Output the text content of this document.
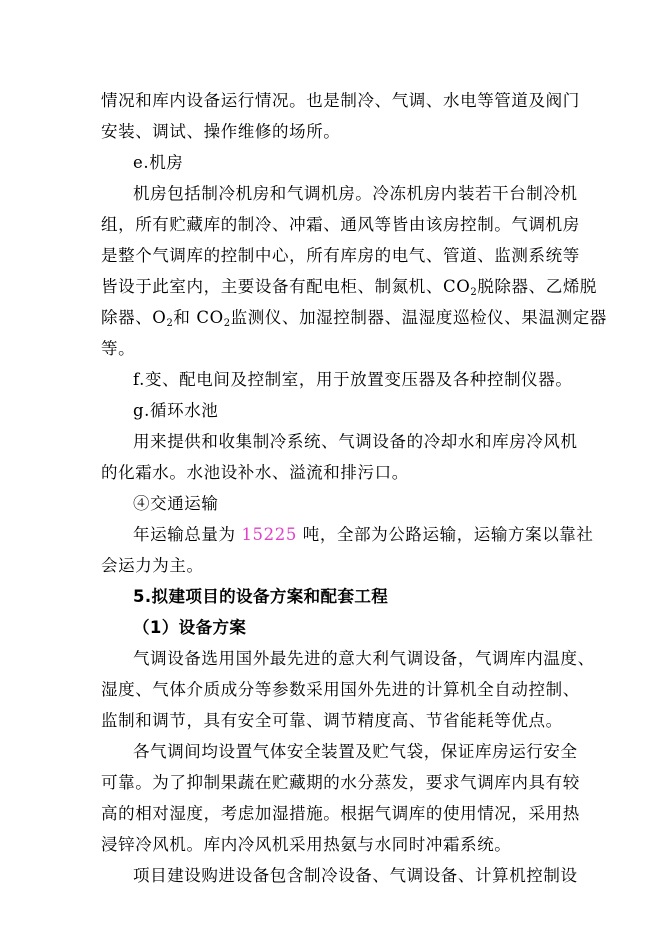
情况和库内设备运行情况。也是制冷、气调、水电等管道及阀门
安装、调试、操作维修的场所。
e.机房
机房包括制冷机房和气调机房。冷冻机房内装若干台制冷机
组，所有贮藏库的制冷、冲霜、通风等皆由该房控制。气调机房
是整个气调库的控制中心，所有库房的电气、管道、监测系统等
皆设于此室内，主要设备有配电柜、制氮机、$CO_2$脱除器、乙烯脱
除器、$O_2$和 $CO_2$监测仪、加湿控制器、温湿度巡检仪、果温测定器
等。
f.变、配电间及控制室，用于放置变压器及各种控制仪器。
g.循环水池
用来提供和收集制冷系统、气调设备的冷却水和库房冷风机
的化霜水。水池设补水、溢流和排污口。
④交通运输
年运输总量为 15225 吨，全部为公路运输，运输方案以靠社
会运力为主。
5.拟建项目的设备方案和配套工程
（1）设备方案
气调设备选用国外最先进的意大利气调设备，气调库内温度、
湿度、气体介质成分等参数采用国外先进的计算机全自动控制、
监制和调节，具有安全可靠、调节精度高、节省能耗等优点。
各气调间均设置气体安全装置及贮气袋，保证库房运行安全
可靠。为了抑制果蔬在贮藏期的水分蒸发，要求气调库内具有较
高的相对湿度，考虑加湿措施。根据气调库的使用情况，采用热
浸锌冷风机。库内冷风机采用热氨与水同时冲霜系统。
项目建设购进设备包含制冷设备、气调设备、计算机控制设
